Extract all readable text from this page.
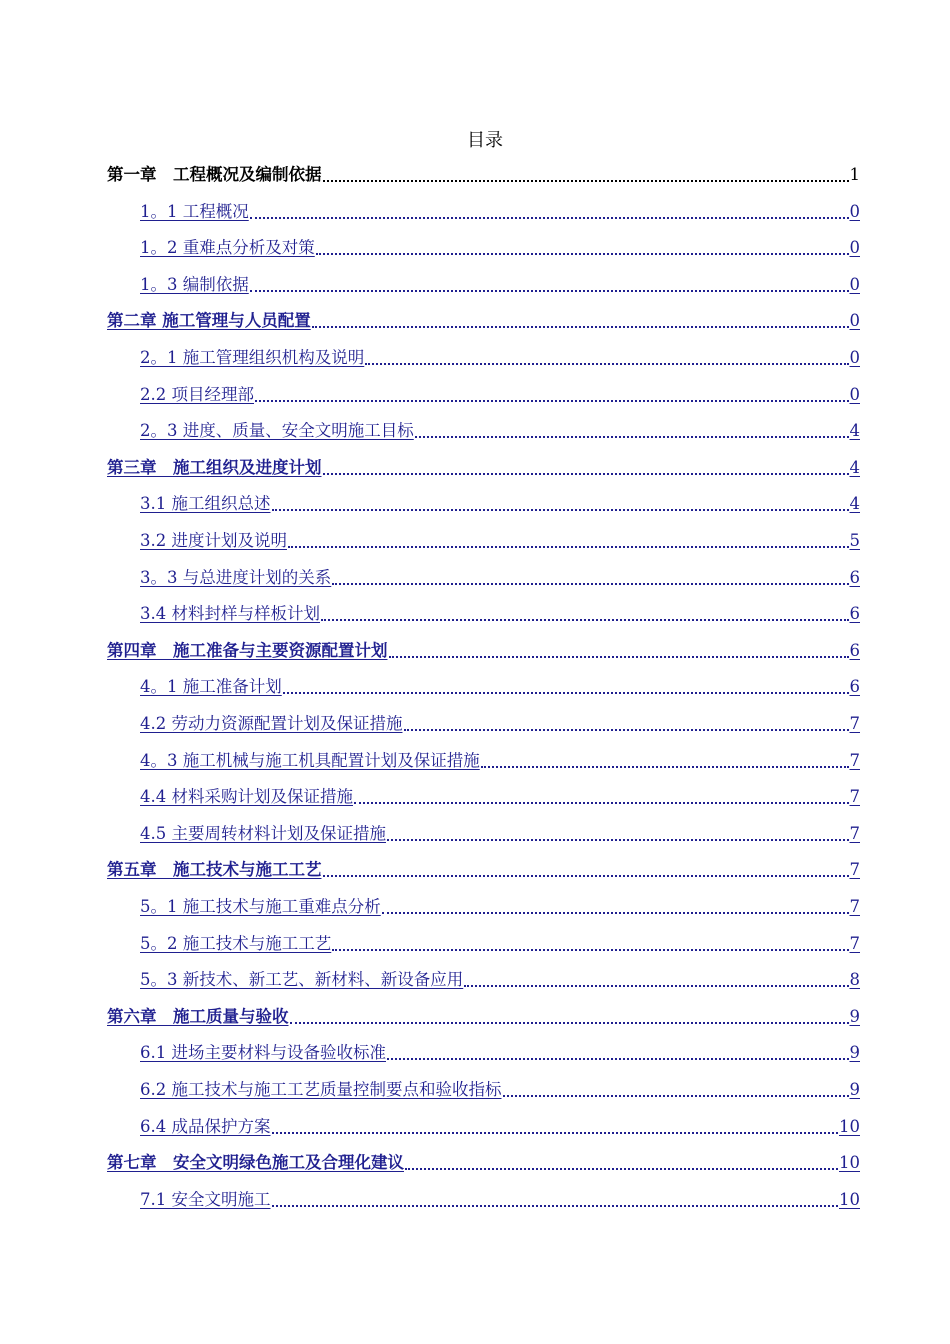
目录
第一章　工程概况及编制依据	1
1。1 工程概况	0
1。2 重难点分析及对策	0
1。3 编制依据	0
第二章 施工管理与人员配置	0
2。1 施工管理组织机构及说明	0
2.2 项目经理部	0
2。3 进度、质量、安全文明施工目标	4
第三章　施工组织及进度计划	4
3.1 施工组织总述	4
3.2 进度计划及说明	5
3。3 与总进度计划的关系	6
3.4 材料封样与样板计划	6
第四章　施工准备与主要资源配置计划	6
4。1 施工准备计划	6
4.2 劳动力资源配置计划及保证措施	7
4。3 施工机械与施工机具配置计划及保证措施	7
4.4 材料采购计划及保证措施	7
4.5 主要周转材料计划及保证措施	7
第五章　施工技术与施工工艺	7
5。1 施工技术与施工重难点分析	7
5。2 施工技术与施工工艺	7
5。3 新技术、新工艺、新材料、新设备应用	8
第六章　施工质量与验收	9
6.1 进场主要材料与设备验收标准	9
6.2 施工技术与施工工艺质量控制要点和验收指标	9
6.4 成品保护方案	10
第七章　安全文明绿色施工及合理化建议	10
7.1 安全文明施工	10
